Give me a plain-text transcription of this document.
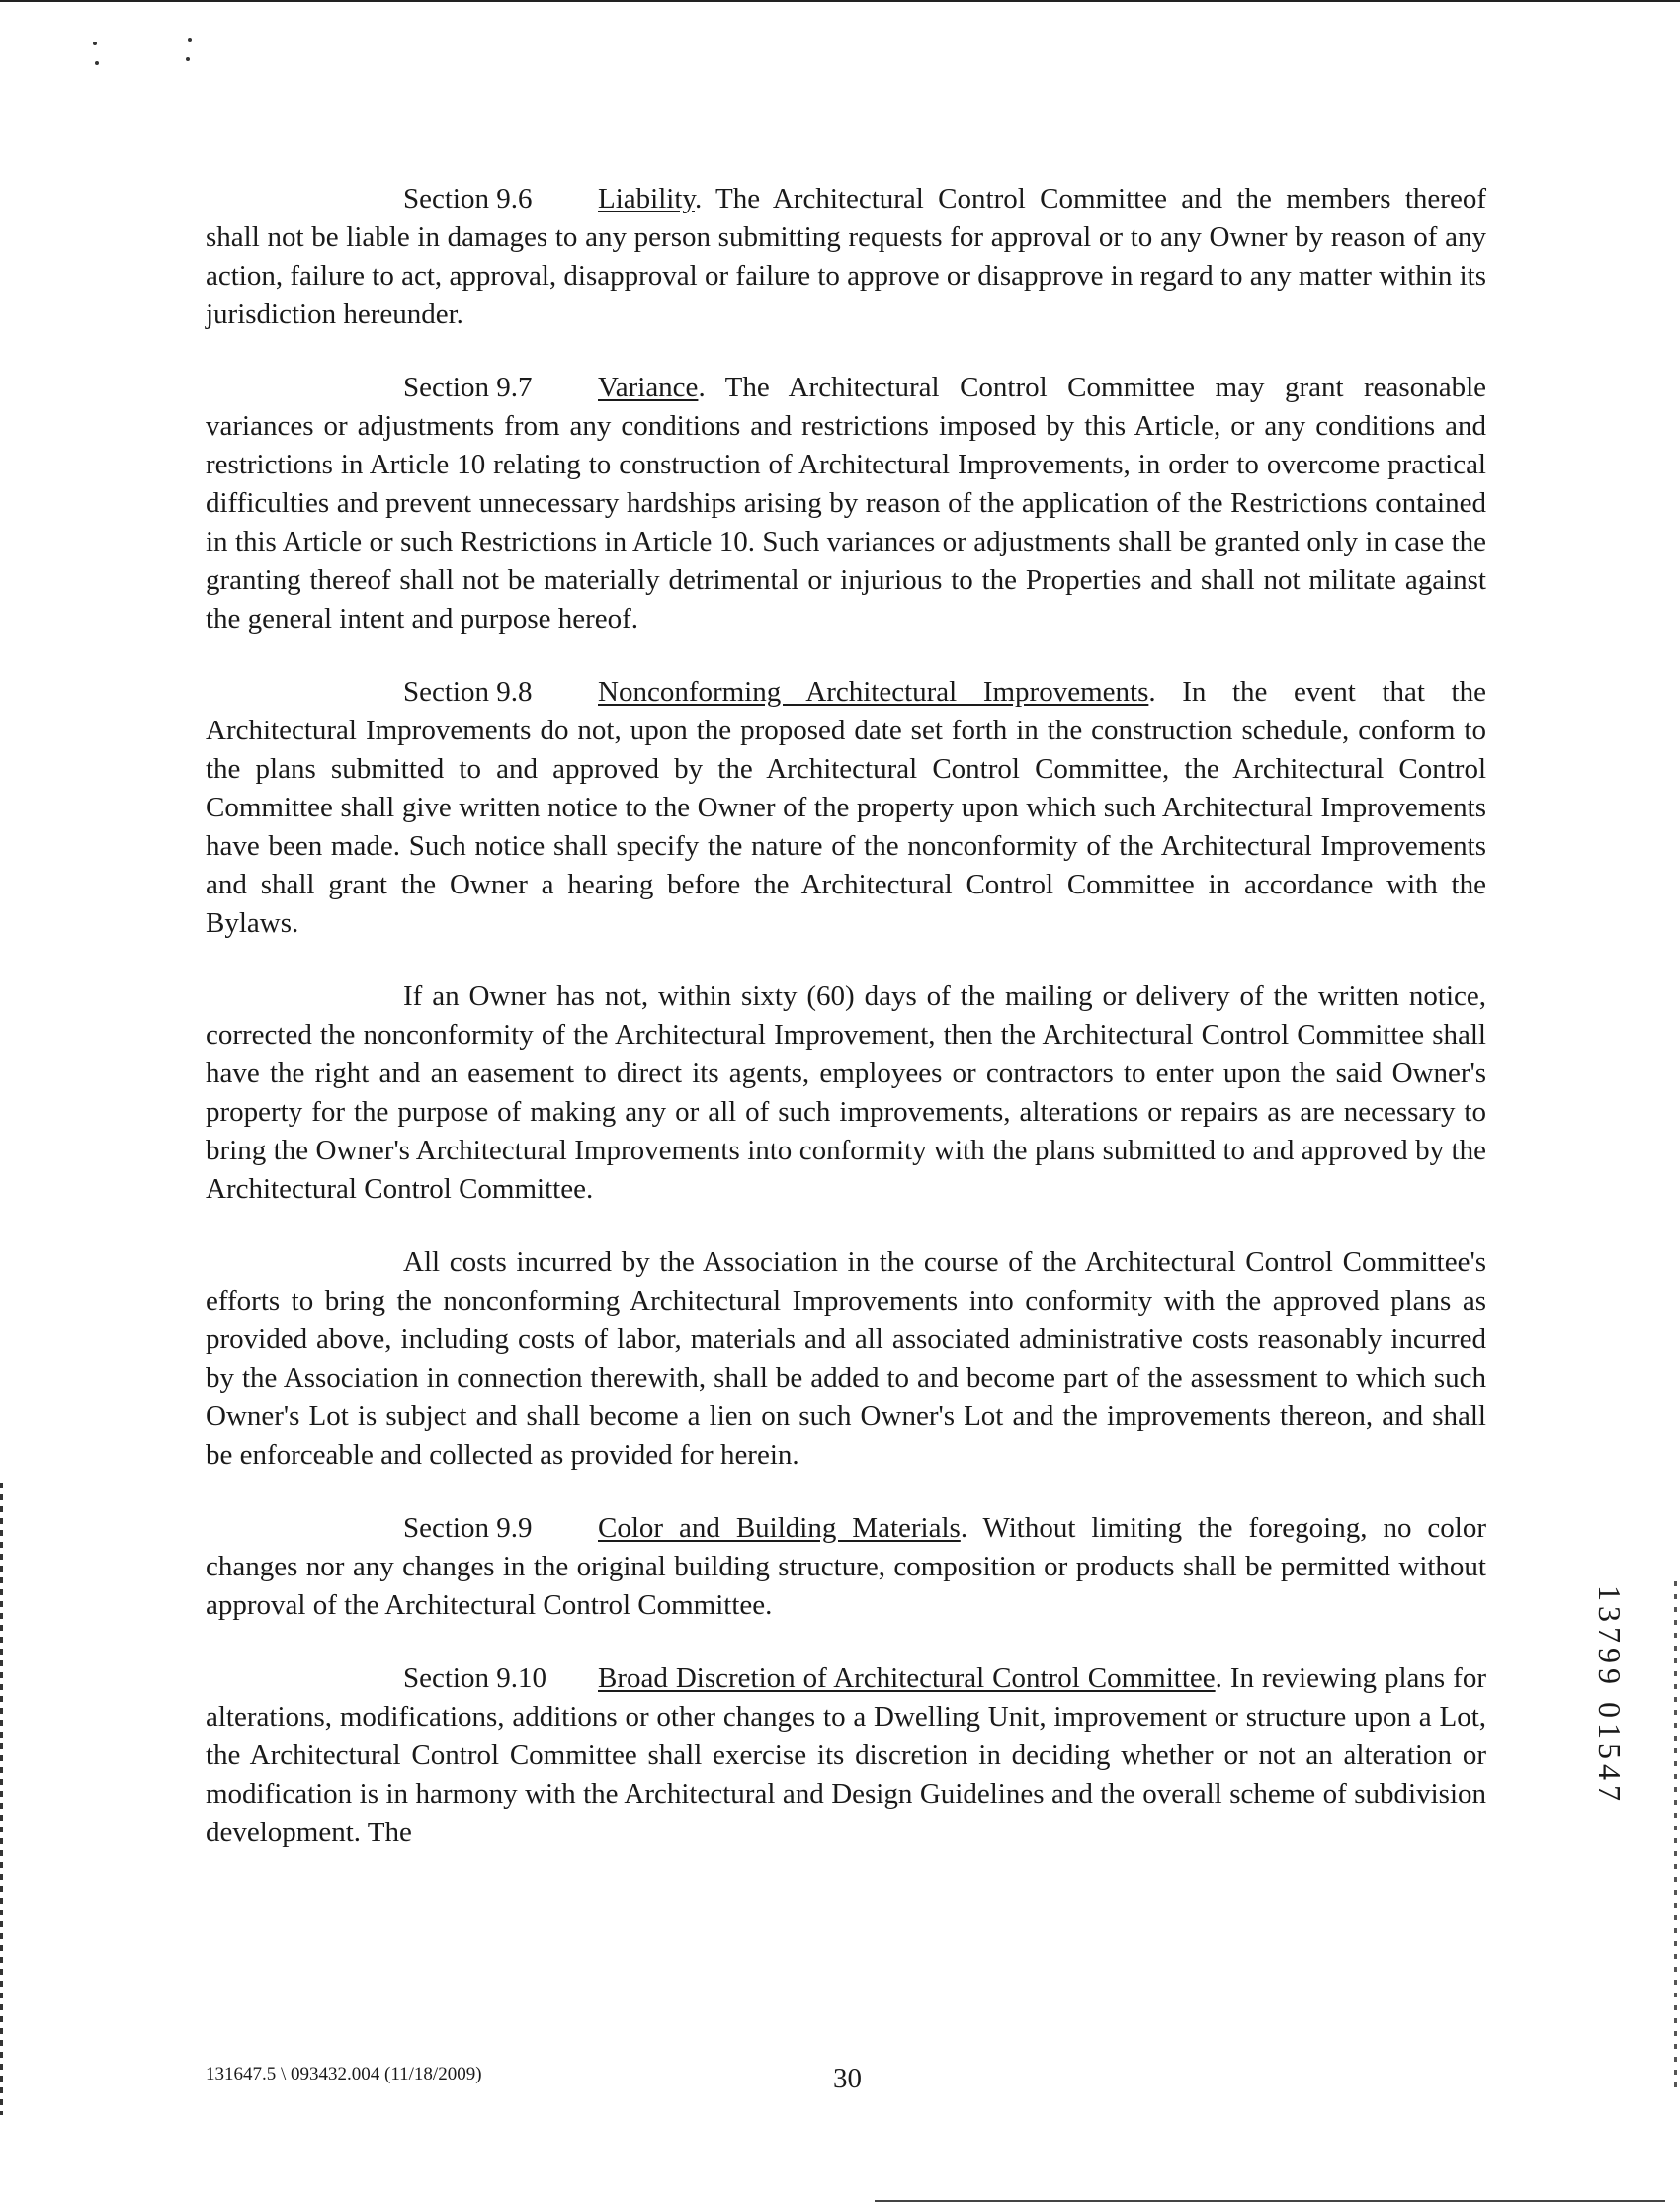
Section 9.6 Liability. The Architectural Control Committee and the members thereof shall not be liable in damages to any person submitting requests for approval or to any Owner by reason of any action, failure to act, approval, disapproval or failure to approve or disapprove in regard to any matter within its jurisdiction hereunder.

Section 9.7 Variance. The Architectural Control Committee may grant reasonable variances or adjustments from any conditions and restrictions imposed by this Article, or any conditions and restrictions in Article 10 relating to construction of Architectural Improvements, in order to overcome practical difficulties and prevent unnecessary hardships arising by reason of the application of the Restrictions contained in this Article or such Restrictions in Article 10. Such variances or adjustments shall be granted only in case the granting thereof shall not be materially detrimental or injurious to the Properties and shall not militate against the general intent and purpose hereof.

Section 9.8 Nonconforming Architectural Improvements. In the event that the Architectural Improvements do not, upon the proposed date set forth in the construction schedule, conform to the plans submitted to and approved by the Architectural Control Committee, the Architectural Control Committee shall give written notice to the Owner of the property upon which such Architectural Improvements have been made. Such notice shall specify the nature of the nonconformity of the Architectural Improvements and shall grant the Owner a hearing before the Architectural Control Committee in accordance with the Bylaws.

If an Owner has not, within sixty (60) days of the mailing or delivery of the written notice, corrected the nonconformity of the Architectural Improvement, then the Architectural Control Committee shall have the right and an easement to direct its agents, employees or contractors to enter upon the said Owner's property for the purpose of making any or all of such improvements, alterations or repairs as are necessary to bring the Owner's Architectural Improvements into conformity with the plans submitted to and approved by the Architectural Control Committee.

All costs incurred by the Association in the course of the Architectural Control Committee's efforts to bring the nonconforming Architectural Improvements into conformity with the approved plans as provided above, including costs of labor, materials and all associated administrative costs reasonably incurred by the Association in connection therewith, shall be added to and become part of the assessment to which such Owner's Lot is subject and shall become a lien on such Owner's Lot and the improvements thereon, and shall be enforceable and collected as provided for herein.

Section 9.9 Color and Building Materials. Without limiting the foregoing, no color changes nor any changes in the original building structure, composition or products shall be permitted without approval of the Architectural Control Committee.

Section 9.10 Broad Discretion of Architectural Control Committee. In reviewing plans for alterations, modifications, additions or other changes to a Dwelling Unit, improvement or structure upon a Lot, the Architectural Control Committee shall exercise its discretion in deciding whether or not an alteration or modification is in harmony with the Architectural and Design Guidelines and the overall scheme of subdivision development. The

13799 01547
131647.5 \ 093432.004 (11/18/2009)	30
